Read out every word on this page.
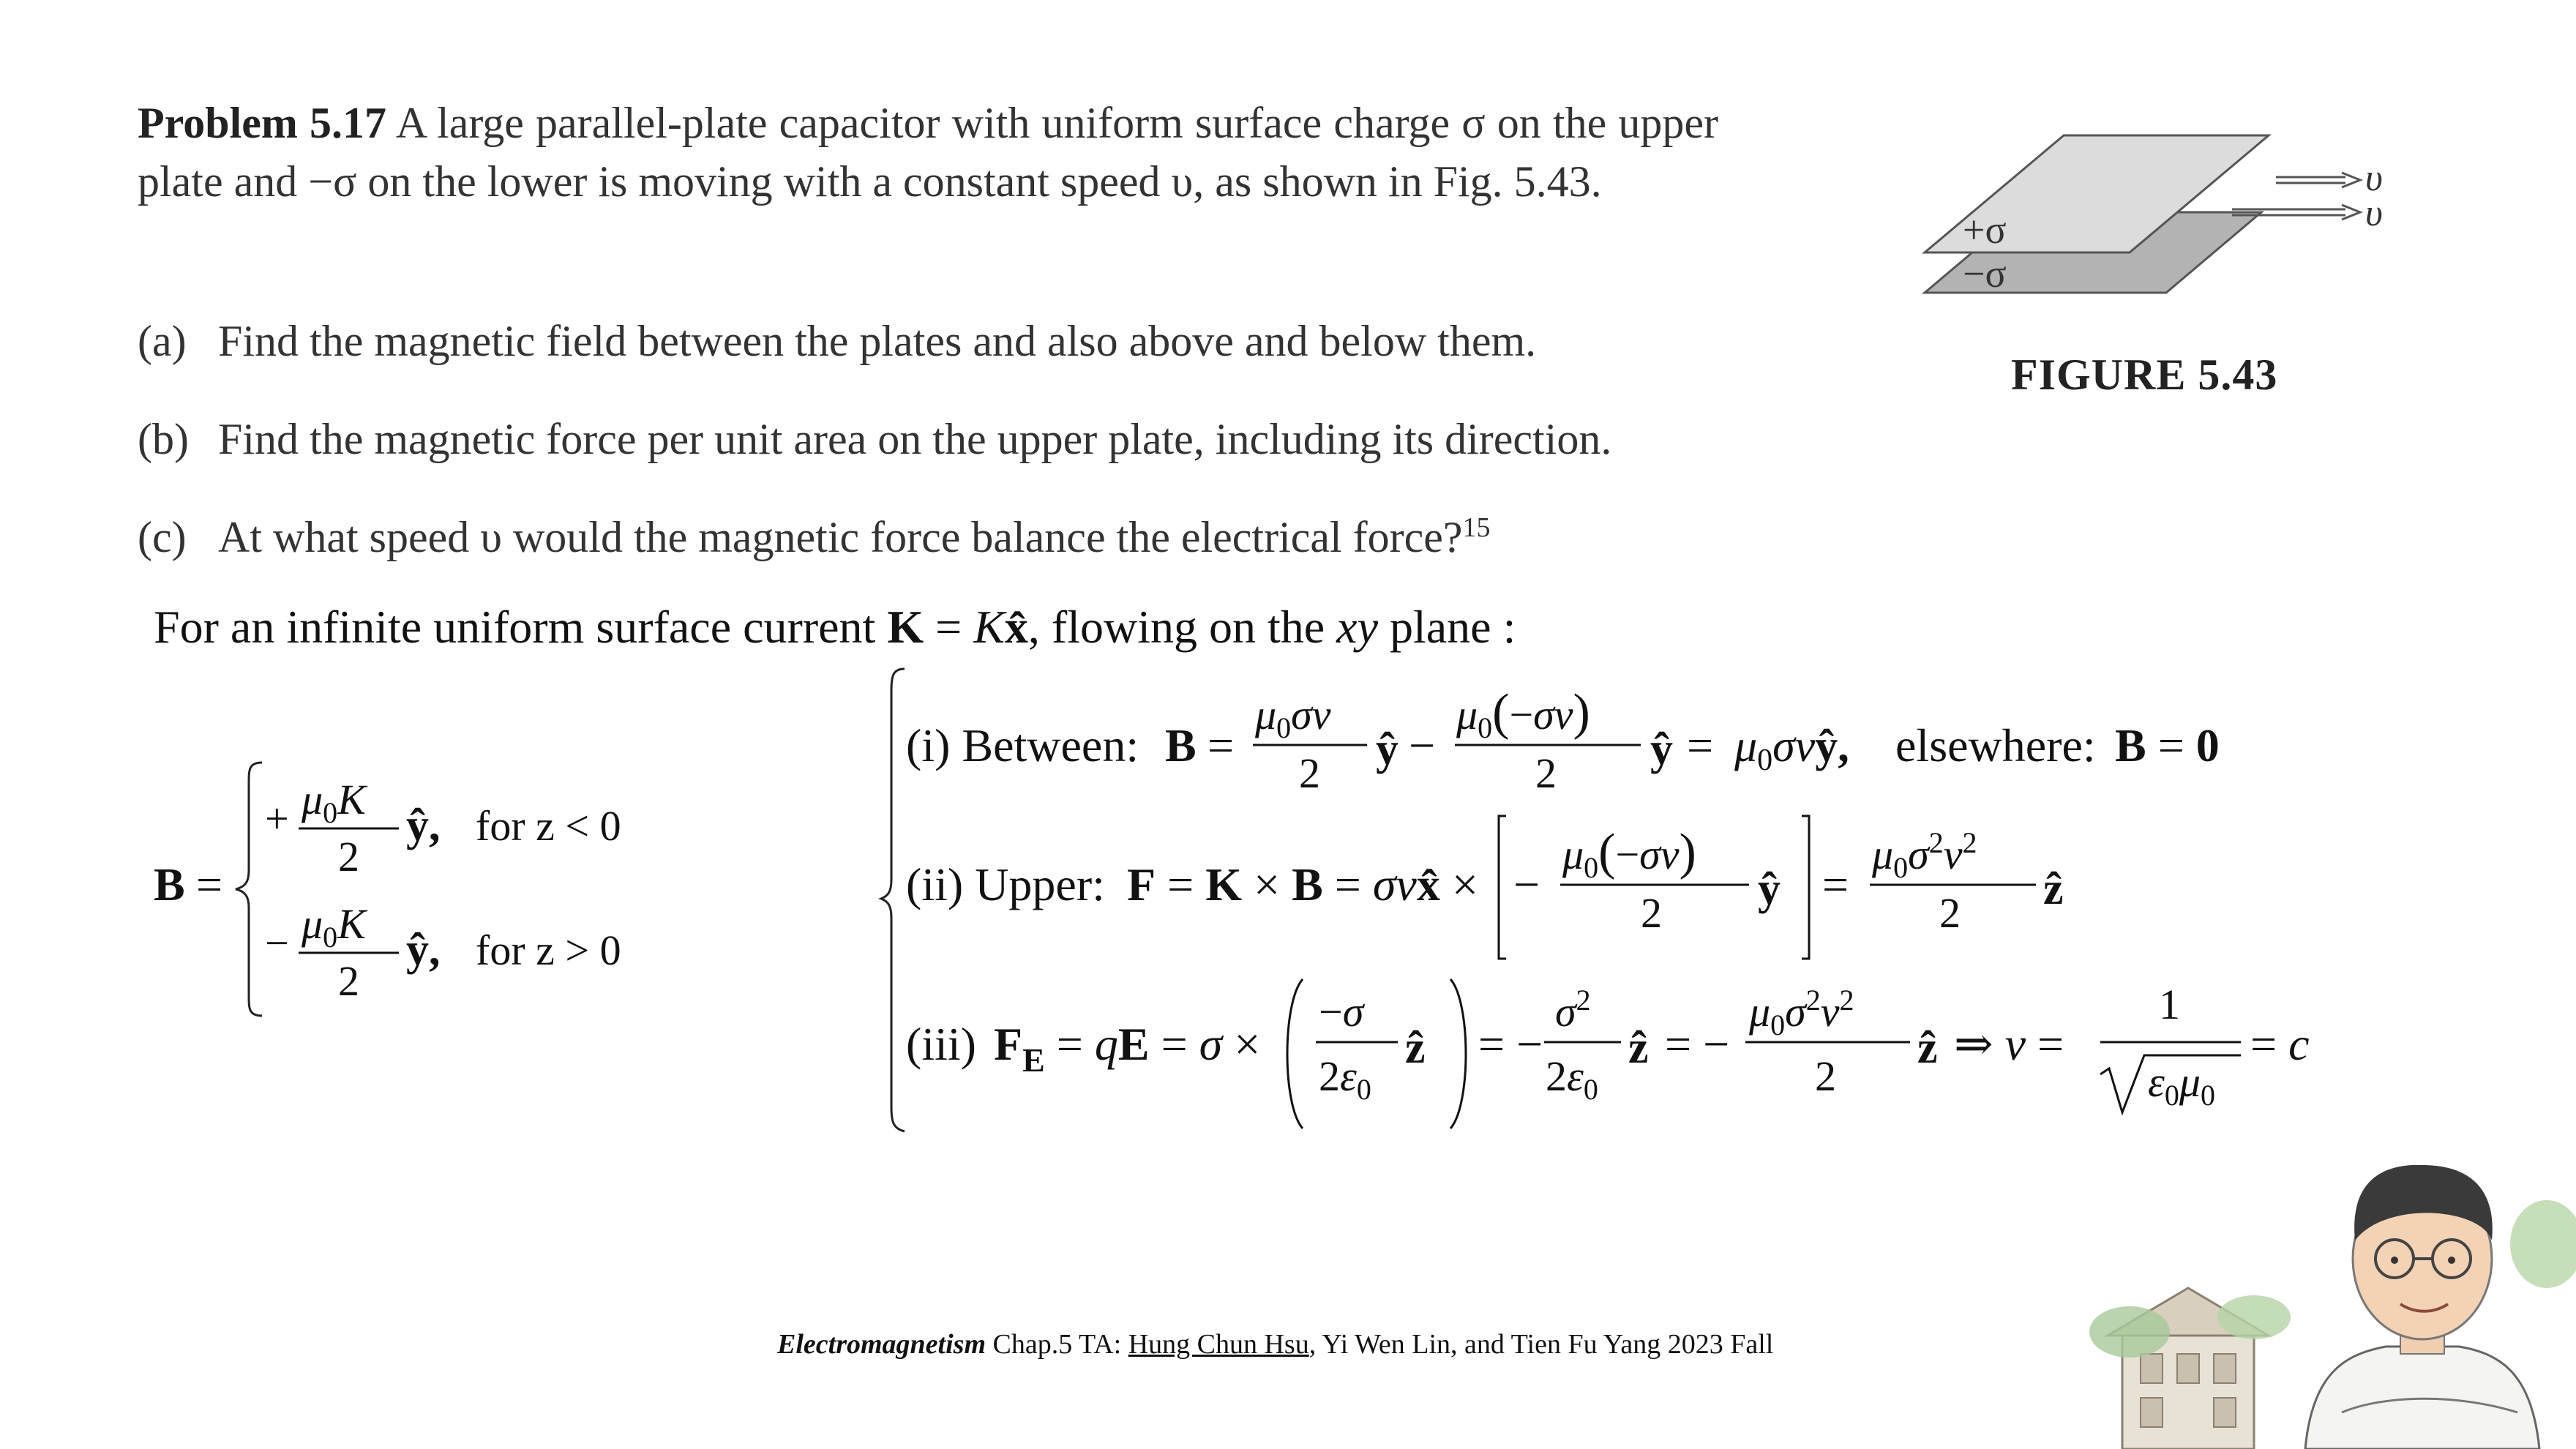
Problem 5.17 A large parallel-plate capacitor with uniform surface charge σ on the upper plate and −σ on the lower is moving with a constant speed υ, as shown in Fig. 5.43.
(a) Find the magnetic field between the plates and also above and below them.
(b) Find the magnetic force per unit area on the upper plate, including its direction.
(c) At what speed υ would the magnetic force balance the electrical force?$^{15}$
+σ
−σ
υ
υ
FIGURE 5.43
For an infinite uniform surface current K = Kx̂, flowing on the xy plane :
B =
+ $\mu_0K$
2
ŷ, for z < 0
− $\mu_0K$
2
ŷ, for z > 0
(i) Between: B =
$\mu_0\sigma v$
2 ŷ −
$\mu_0(-\sigma v)$
2 ŷ = μ0σvŷ, elsewhere: B = 0
(ii) Upper: F = K × B = σvx̂ × −
$\mu_0(-\sigma v)$
2 ŷ =
$\mu_0\sigma^2v^2$
2 ẑ
(iii) $F_E$ = qE = σ ×
−σ
$2\varepsilon_0$
ẑ = −
$\sigma^2$
$2\varepsilon_0$
ẑ = −
$\mu_0\sigma^2v^2$
2
ẑ ⇒ v =
1
$\varepsilon_0\mu_0$
= c
Electromagnetism Chap.5 TA: Hung Chun Hsu, Yi Wen Lin, and Tien Fu Yang 2023 Fall
